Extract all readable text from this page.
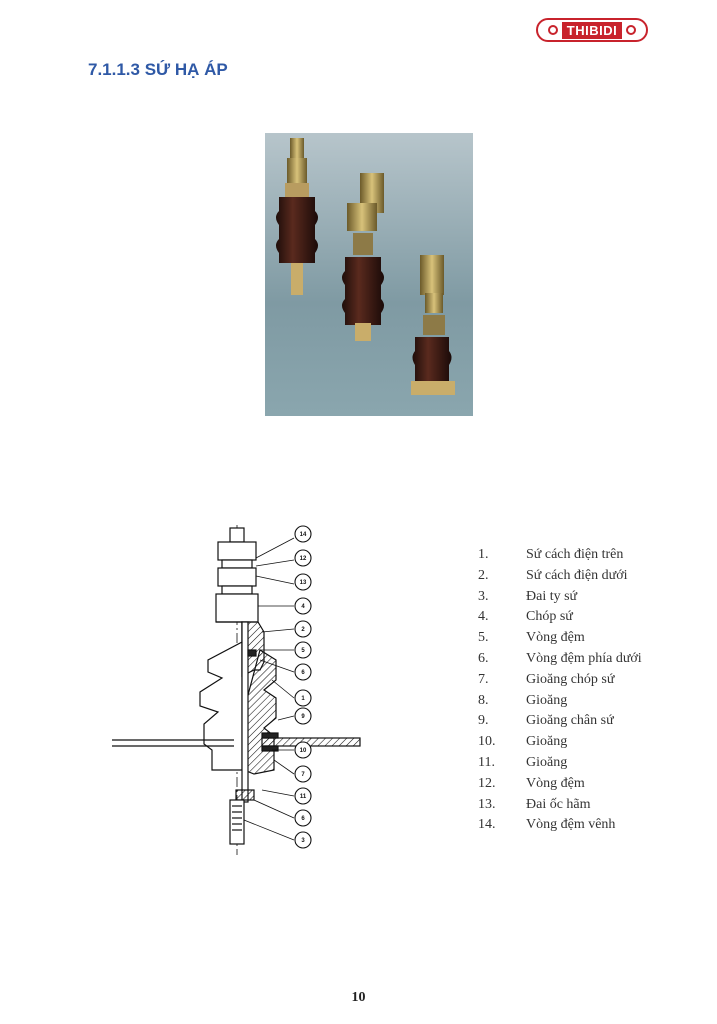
THIBIDI
7.1.1.3 SỨ HẠ ÁP
14
12
13
4
2
5
6
1
9
10
7
11
6
3
1.	Sứ cách điện trên
2.	Sứ cách điện dưới
3.	Đai ty sứ
4.	Chóp sứ
5.	Vòng đệm
6.	Vòng đệm phía dưới
7.	Gioăng chóp sứ
8.	Gioăng
9.	Gioăng chân sứ
10.	Gioăng
11.	Gioăng
12.	Vòng đệm
13.	Đai ốc hãm
14.	Vòng đệm vênh
10
